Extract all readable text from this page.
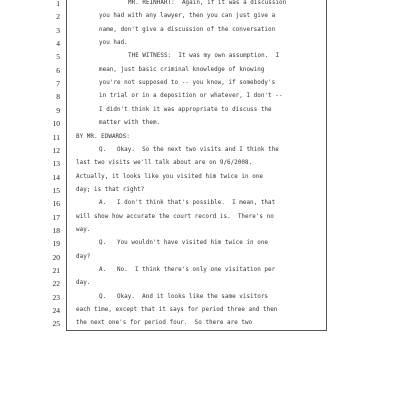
1	MR. REINHART:  Again, if it was a discussion
2	you had with any lawyer, then you can just give a
3	name, don't give a discussion of the conversation
4	you had.
5	THE WITNESS:  It was my own assumption.  I
6	mean, just basic criminal knowledge of knowing
7	you're not supposed to -- you know, if somebody's
8	in trial or in a deposition or whatever, I don't --
9	I didn't think it was appropriate to discuss the
10	matter with them.
11	BY MR. EDWARDS:
12	Q.   Okay.  So the next two visits and I think the
13	last two visits we'll talk about are on 9/6/2008.
14	Actually, it looks like you visited him twice in one
15	day; is that right?
16	A.   I don't think that's possible.  I mean, that
17	will show how accurate the court record is.  There's no
18	way.
19	Q.   You wouldn't have visited him twice in one
20	day?
21	A.   No.  I think there's only one visitation per
22	day.
23	Q.   Okay.  And it looks like the same visitors
24	each time, except that it says for period three and then
25	the next one's for period four.  So there are two
